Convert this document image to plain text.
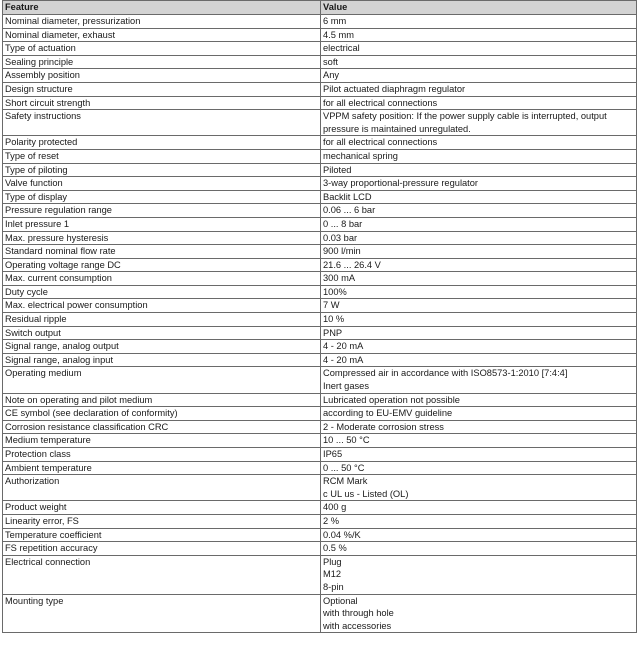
Feature	Value
Nominal diameter, pressurization	6 mm

Nominal diameter, exhaust	4.5 mm

Type of actuation	electrical

Sealing principle	soft

Assembly position	Any

Design structure	Pilot actuated diaphragm regulator

Short circuit strength	for all electrical connections

Safety instructions	VPPM safety position: If the power supply cable is interrupted, output
pressure is maintained unregulated.

Polarity protected	for all electrical connections

Type of reset	mechanical spring

Type of piloting	Piloted

Valve function	3-way proportional-pressure regulator

Type of display	Backlit LCD

Pressure regulation range	0.06 ... 6 bar

Inlet pressure 1	0 ... 8 bar

Max. pressure hysteresis	0.03 bar

Standard nominal flow rate	900 l/min

Operating voltage range DC	21.6 ... 26.4 V

Max. current consumption	300 mA

Duty cycle	100%

Max. electrical power consumption	7 W

Residual ripple	10 %

Switch output	PNP

Signal range, analog output	4 - 20 mA

Signal range, analog input	4 - 20 mA

Operating medium	Compressed air in accordance with ISO8573-1:2010 [7:4:4]
Inert gases

Note on operating and pilot medium	Lubricated operation not possible

CE symbol (see declaration of conformity)	according to EU-EMV guideline

Corrosion resistance classification CRC	2 - Moderate corrosion stress

Medium temperature	10 ... 50 °C

Protection class	IP65

Ambient temperature	0 ... 50 °C

Authorization	RCM Mark
c UL us - Listed (OL)

Product weight	400 g

Linearity error, FS	2 %

Temperature coefficient	0.04 %/K

FS repetition accuracy	0.5 %

Electrical connection	Plug
M12
8-pin

Mounting type	Optional
with through hole
with accessories
